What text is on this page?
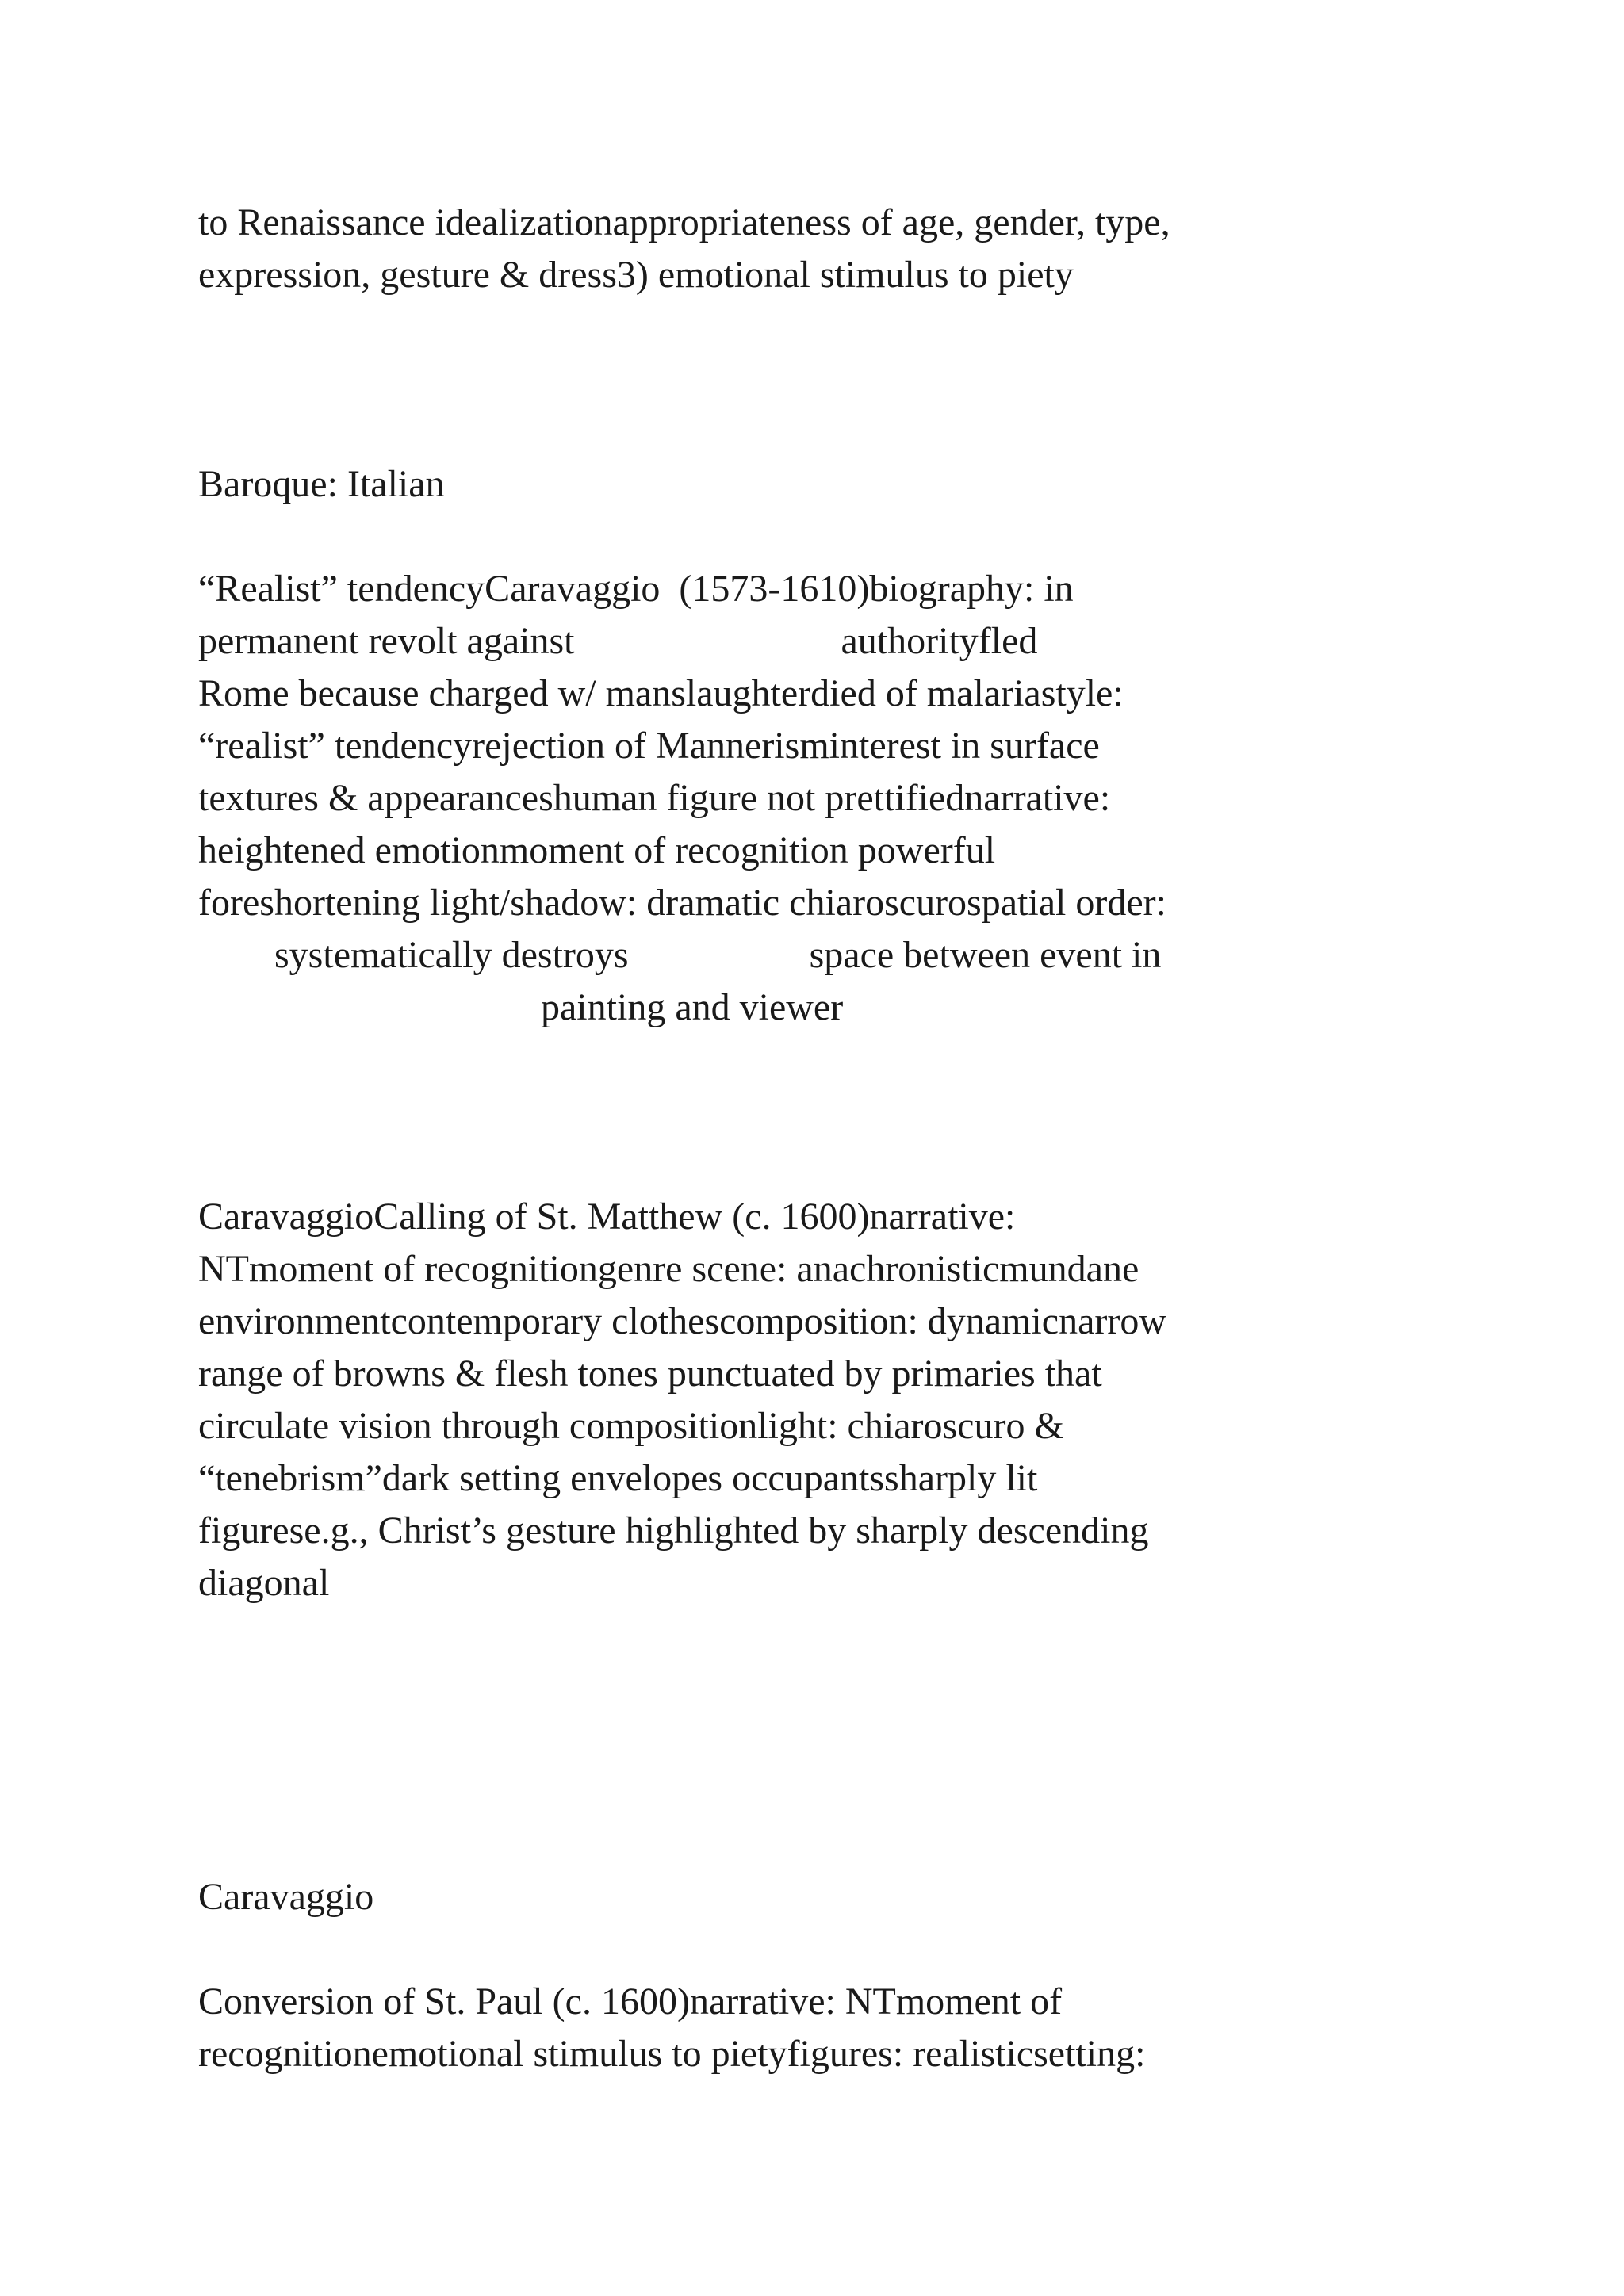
to Renaissance idealizationappropriateness of age, gender, type,

expression, gesture & dress3) emotional stimulus to piety

Baroque: Italian

“Realist” tendencyCaravaggio  (1573-1610)biography: in

permanent revolt against                            authorityfled

Rome because charged w/ manslaughterdied of malariastyle:

“realist” tendencyrejection of Mannerisminterest in surface

textures & appearanceshuman figure not prettifiednarrative:

heightened emotionmoment of recognition powerful

foreshortening light/shadow: dramatic chiaroscurospatial order:

systematically destroys                   space between event in

painting and viewer

CaravaggioCalling of St. Matthew (c. 1600)narrative:

NTmoment of recognitiongenre scene: anachronisticmundane

environmentcontemporary clothescomposition: dynamicnarrow

range of browns & flesh tones punctuated by primaries that

circulate vision through compositionlight: chiaroscuro &

“tenebrism”dark setting envelopes occupantssharply lit

figurese.g., Christ’s gesture highlighted by sharply descending

diagonal

Caravaggio

Conversion of St. Paul (c. 1600)narrative: NTmoment of

recognitionemotional stimulus to pietyfigures: realisticsetting:
